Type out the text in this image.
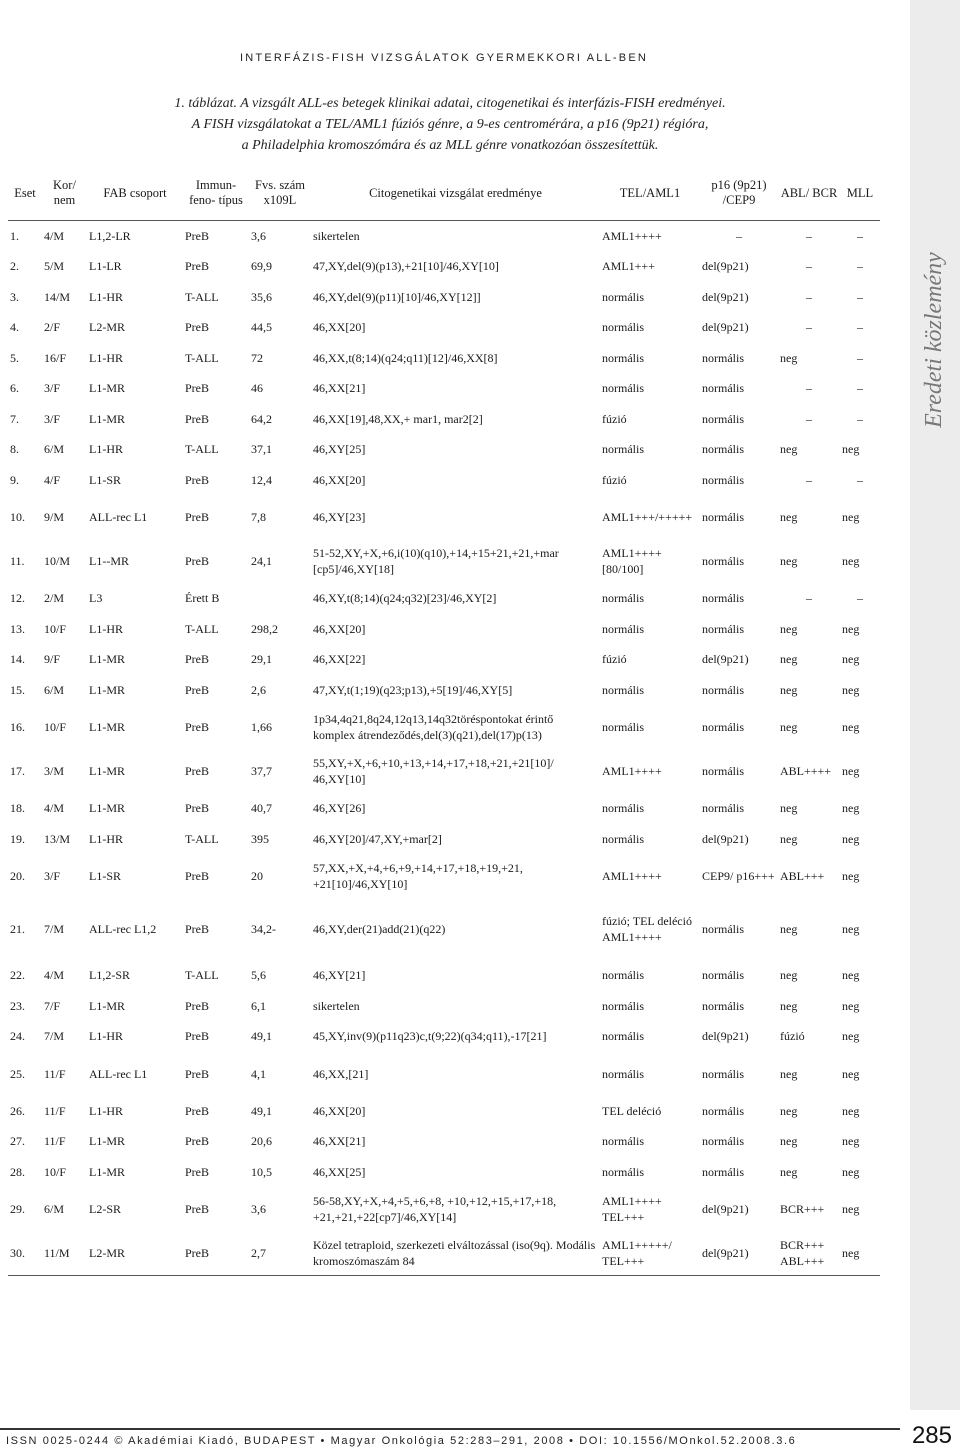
INTERFÁZIS-FISH VIZSGÁLATOK GYERMEKKORI ALL-BEN
1. táblázat. A vizsgált ALL-es betegek klinikai adatai, citogenetikai és interfázis-FISH eredményei.
A FISH vizsgálatokat a TEL/AML1 fúziós génre, a 9-es centromérára, a p16 (9p21) régióra,
a Philadelphia kromoszómára és az MLL génre vonatkozóan összesítettük.
Eredeti közlemény
Eset	Kor/ nem	FAB csoport	Immun- feno- típus	Fvs. szám x109L	Citogenetikai vizsgálat eredménye	TEL/AML1	p16 (9p21) /CEP9	ABL/ BCR	MLL
1.	4/M	L1,2-LR	PreB	3,6	sikertelen	AML1++++	–	–	–
2.	5/M	L1-LR	PreB	69,9	47,XY,del(9)(p13),+21[10]/46,XY[10]	AML1+++	del(9p21)	–	–
3.	14/M	L1-HR	T-ALL	35,6	46,XY,del(9)(p11)[10]/46,XY[12]]	normális	del(9p21)	–	–
4.	2/F	L2-MR	PreB	44,5	46,XX[20]	normális	del(9p21)	–	–
5.	16/F	L1-HR	T-ALL	72	46,XX,t(8;14)(q24;q11)[12]/46,XX[8]	normális	normális	neg	–
6.	3/F	L1-MR	PreB	46	46,XX[21]	normális	normális	–	–
7.	3/F	L1-MR	PreB	64,2	46,XX[19],48,XX,+ mar1, mar2[2]	fúzió	normális	–	–
8.	6/M	L1-HR	T-ALL	37,1	46,XY[25]	normális	normális	neg	neg
9.	4/F	L1-SR	PreB	12,4	46,XX[20]	fúzió	normális	–	–
10.	9/M	ALL-rec L1	PreB	7,8	46,XY[23]	AML1+++/+++++	normális	neg	neg
11.	10/M	L1--MR	PreB	24,1	51-52,XY,+X,+6,i(10)(q10),+14,+15+21,+21,+mar [cp5]/46,XY[18]	AML1++++ [80/100]	normális	neg	neg
12.	2/M	L3	Érett B		46,XY,t(8;14)(q24;q32)[23]/46,XY[2]	normális	normális	–	–
13.	10/F	L1-HR	T-ALL	298,2	46,XX[20]	normális	normális	neg	neg
14.	9/F	L1-MR	PreB	29,1	46,XX[22]	fúzió	del(9p21)	neg	neg
15.	6/M	L1-MR	PreB	2,6	47,XY,t(1;19)(q23;p13),+5[19]/46,XY[5]	normális	normális	neg	neg
16.	10/F	L1-MR	PreB	1,66	1p34,4q21,8q24,12q13,14q32töréspontokat érintő komplex átrendeződés,del(3)(q21),del(17)p(13)	normális	normális	neg	neg
17.	3/M	L1-MR	PreB	37,7	55,XY,+X,+6,+10,+13,+14,+17,+18,+21,+21[10]/ 46,XY[10]	AML1++++	normális	ABL++++	neg
18.	4/M	L1-MR	PreB	40,7	46,XY[26]	normális	normális	neg	neg
19.	13/M	L1-HR	T-ALL	395	46,XY[20]/47,XY,+mar[2]	normális	del(9p21)	neg	neg
20.	3/F	L1-SR	PreB	20	57,XX,+X,+4,+6,+9,+14,+17,+18,+19,+21, +21[10]/46,XY[10]	AML1++++	CEP9/ p16+++	ABL+++	neg
21.	7/M	ALL-rec L1,2	PreB	34,2-	46,XY,der(21)add(21)(q22)	fúzió; TEL deléció AML1++++	normális	neg	neg
22.	4/M	L1,2-SR	T-ALL	5,6	46,XY[21]	normális	normális	neg	neg
23.	7/F	L1-MR	PreB	6,1	sikertelen	normális	normális	neg	neg
24.	7/M	L1-HR	PreB	49,1	45,XY,inv(9)(p11q23)c,t(9;22)(q34;q11),-17[21]	normális	del(9p21)	fúzió	neg
25.	11/F	ALL-rec L1	PreB	4,1	46,XX,[21]	normális	normális	neg	neg
26.	11/F	L1-HR	PreB	49,1	46,XX[20]	TEL deléció	normális	neg	neg
27.	11/F	L1-MR	PreB	20,6	46,XX[21]	normális	normális	neg	neg
28.	10/F	L1-MR	PreB	10,5	46,XX[25]	normális	normális	neg	neg
29.	6/M	L2-SR	PreB	3,6	56-58,XY,+X,+4,+5,+6,+8, +10,+12,+15,+17,+18, +21,+21,+22[cp7]/46,XY[14]	AML1++++ TEL+++	del(9p21)	BCR+++	neg
30.	11/M	L2-MR	PreB	2,7	Közel tetraploid, szerkezeti elváltozással (iso(9q). Modális kromoszómaszám 84	AML1+++++/ TEL+++	del(9p21)	BCR+++ ABL+++	neg
ISSN 0025-0244 © Akadémiai Kiadó, BUDAPEST • Magyar Onkológia 52:283–291, 2008 • DOI: 10.1556/MOnkol.52.2008.3.6	285
